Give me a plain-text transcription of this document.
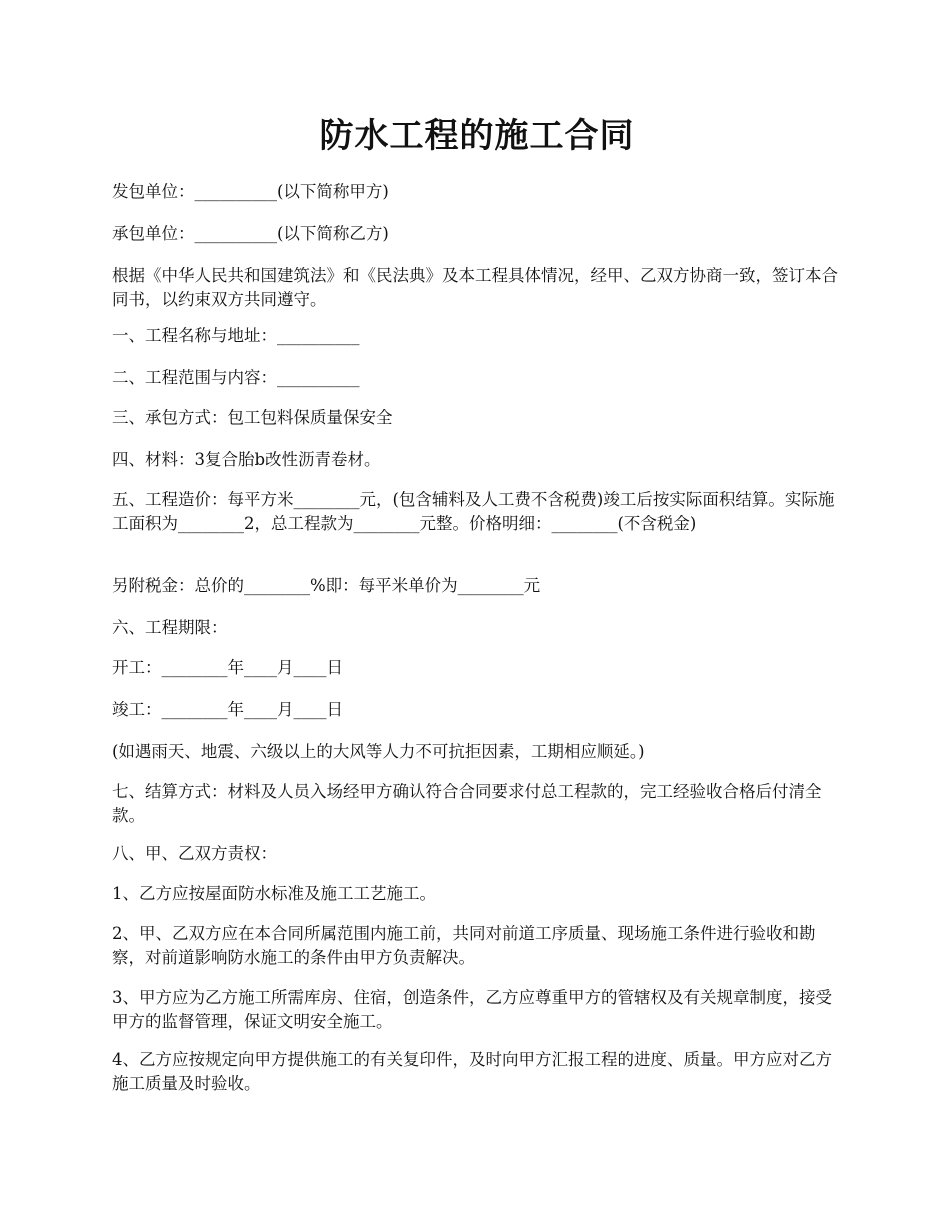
防水工程的施工合同

发包单位：__________(以下简称甲方)

承包单位：__________(以下简称乙方)

根据《中华人民共和国建筑法》和《民法典》及本工程具体情况，经甲、乙双方协商一致，签订本合同书，以约束双方共同遵守。

一、工程名称与地址：__________

二、工程范围与内容：__________

三、承包方式：包工包料保质量保安全

四、材料：3复合胎b改性沥青卷材。

五、工程造价：每平方米________元，(包含辅料及人工费不含税费)竣工后按实际面积结算。实际施工面积为________2，总工程款为________元整。价格明细：________(不含税金)

另附税金：总价的________%即：每平米单价为________元

六、工程期限：

开工：________年____月____日

竣工：________年____月____日

(如遇雨天、地震、六级以上的大风等人力不可抗拒因素，工期相应顺延。)

七、结算方式：材料及人员入场经甲方确认符合合同要求付总工程款的，完工经验收合格后付清全款。

八、甲、乙双方责权：

1、乙方应按屋面防水标准及施工工艺施工。

2、甲、乙双方应在本合同所属范围内施工前，共同对前道工序质量、现场施工条件进行验收和勘察，对前道影响防水施工的条件由甲方负责解决。

3、甲方应为乙方施工所需库房、住宿，创造条件，乙方应尊重甲方的管辖权及有关规章制度，接受甲方的监督管理，保证文明安全施工。

4、乙方应按规定向甲方提供施工的有关复印件，及时向甲方汇报工程的进度、质量。甲方应对乙方施工质量及时验收。
